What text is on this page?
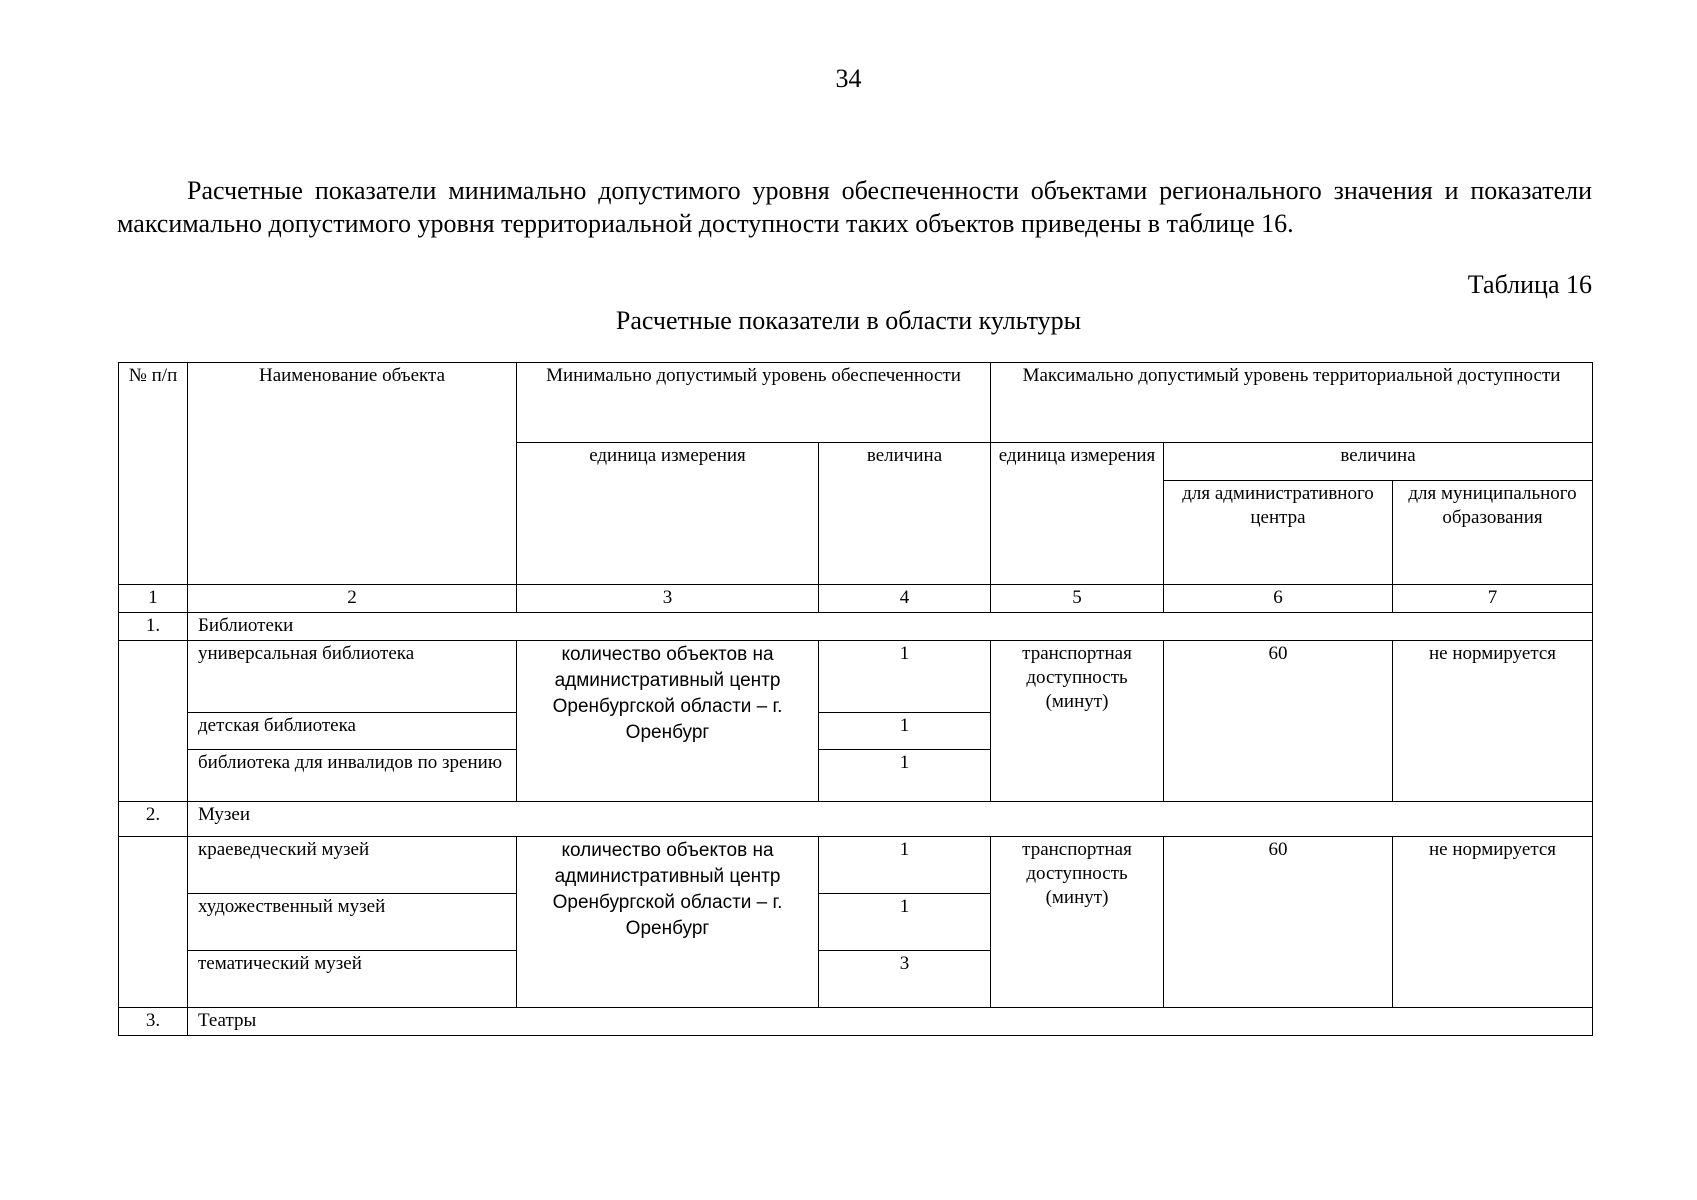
34

Расчетные показатели минимально допустимого уровня обеспеченности объектами регионального значения и показатели максимально допустимого уровня территориальной доступности таких объектов приведены в таблице 16.

Таблица 16
Расчетные показатели в области культуры
№ п/п	Наименование объекта	Минимально допустимый уровень обеспеченности		Максимально допустимый уровень территориальной доступности		
		единица измерения	величина	единица измерения	величина	
					для административного центра	для муниципального образования
1	2	3	4	5	6	7
1.	Библиотеки					
	универсальная библиотека	количество объектов на административный центр Оренбургской области – г. Оренбург	1	транспортная доступность (минут)	60	не нормируется
	детская библиотека		1			
	библиотека для инвалидов по зрению		1			
2.	Музеи					
	краеведческий музей	количество объектов на административный центр Оренбургской области – г. Оренбург	1	транспортная доступность (минут)	60	не нормируется
	художественный музей		1			
	тематический музей		3			
3.	Театры					
